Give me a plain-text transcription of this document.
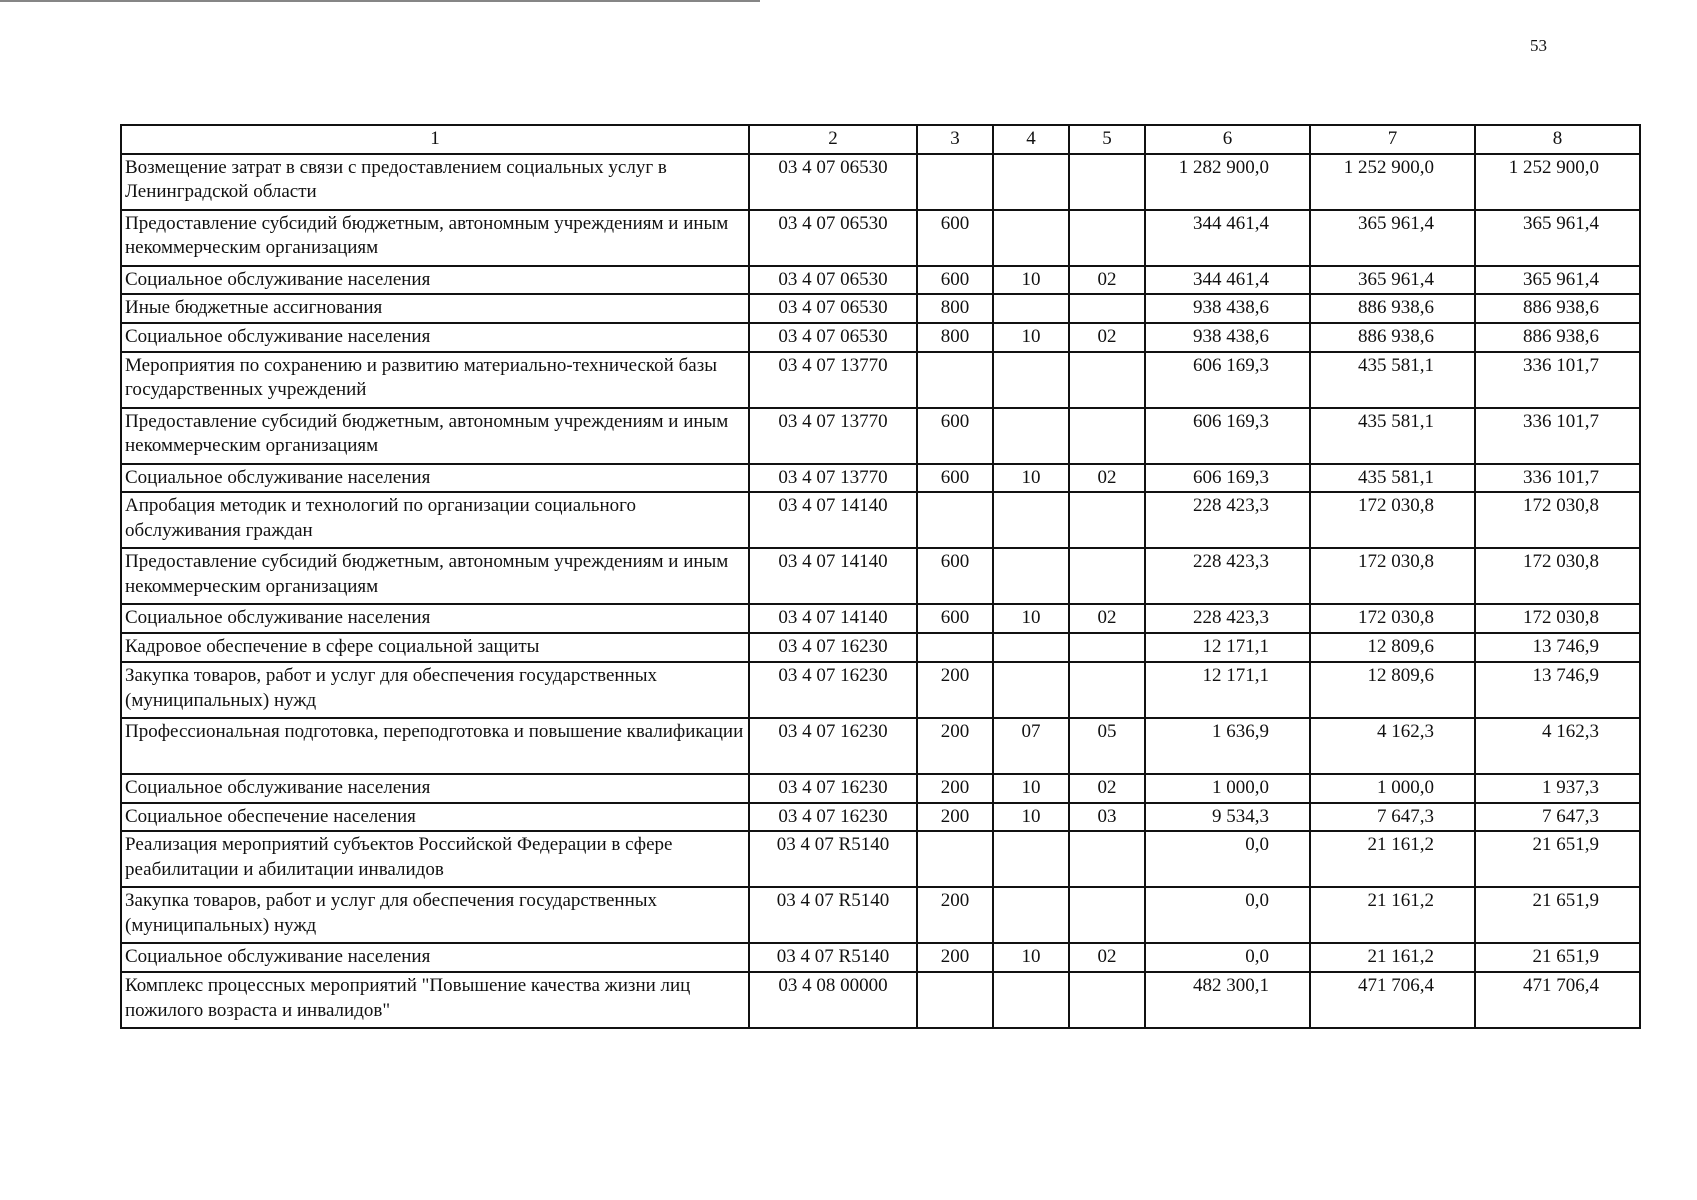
53
1	2	3	4	5	6	7	8
Возмещение затрат в связи с предоставлением социальных услуг в Ленинградской области	03 4 07 06530				1 282 900,0	1 252 900,0	1 252 900,0
Предоставление субсидий бюджетным, автономным учреждениям и иным некоммерческим организациям	03 4 07 06530	600			344 461,4	365 961,4	365 961,4
Социальное обслуживание населения	03 4 07 06530	600	10	02	344 461,4	365 961,4	365 961,4
Иные бюджетные ассигнования	03 4 07 06530	800			938 438,6	886 938,6	886 938,6
Социальное обслуживание населения	03 4 07 06530	800	10	02	938 438,6	886 938,6	886 938,6
Мероприятия по сохранению и развитию материально-технической базы государственных учреждений	03 4 07 13770				606 169,3	435 581,1	336 101,7
Предоставление субсидий бюджетным, автономным учреждениям и иным некоммерческим организациям	03 4 07 13770	600			606 169,3	435 581,1	336 101,7
Социальное обслуживание населения	03 4 07 13770	600	10	02	606 169,3	435 581,1	336 101,7
Апробация методик и технологий по организации социального обслуживания граждан	03 4 07 14140				228 423,3	172 030,8	172 030,8
Предоставление субсидий бюджетным, автономным учреждениям и иным некоммерческим организациям	03 4 07 14140	600			228 423,3	172 030,8	172 030,8
Социальное обслуживание населения	03 4 07 14140	600	10	02	228 423,3	172 030,8	172 030,8
Кадровое обеспечение в сфере социальной защиты	03 4 07 16230				12 171,1	12 809,6	13 746,9
Закупка товаров, работ и услуг для обеспечения государственных (муниципальных) нужд	03 4 07 16230	200			12 171,1	12 809,6	13 746,9
Профессиональная подготовка, переподготовка и повышение квалификации	03 4 07 16230	200	07	05	1 636,9	4 162,3	4 162,3
Социальное обслуживание населения	03 4 07 16230	200	10	02	1 000,0	1 000,0	1 937,3
Социальное обеспечение населения	03 4 07 16230	200	10	03	9 534,3	7 647,3	7 647,3
Реализация мероприятий субъектов Российской Федерации в сфере реабилитации и абилитации инвалидов	03 4 07 R5140				0,0	21 161,2	21 651,9
Закупка товаров, работ и услуг для обеспечения государственных (муниципальных) нужд	03 4 07 R5140	200			0,0	21 161,2	21 651,9
Социальное обслуживание населения	03 4 07 R5140	200	10	02	0,0	21 161,2	21 651,9
Комплекс процессных мероприятий "Повышение качества жизни лиц пожилого возраста и инвалидов"	03 4 08 00000				482 300,1	471 706,4	471 706,4
